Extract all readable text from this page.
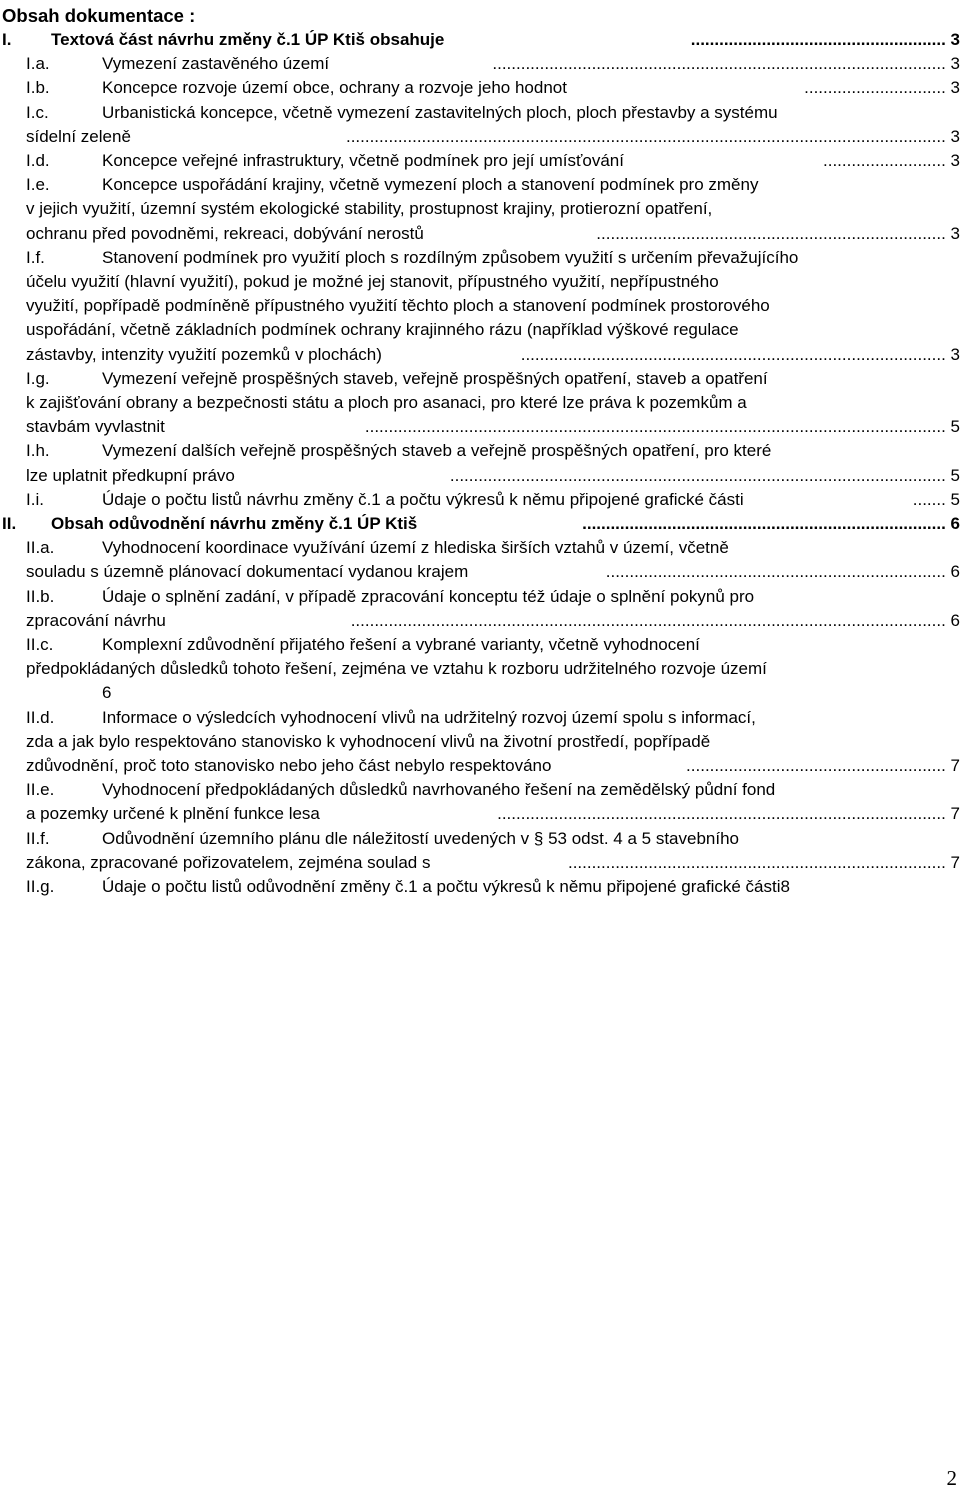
Obsah dokumentace :
I. Textová část návrhu změny č.1 ÚP Ktiš obsahuje	...................................................... 3
I.a.	Vymezení zastavěného území	................................................................................................ 3
I.b.	Koncepce rozvoje území obce, ochrany a rozvoje jeho hodnot	.............................. 3
I.c.	Urbanistická koncepce, včetně vymezení zastavitelných ploch, ploch přestavby a systému
sídelní zeleně	............................................................................................................................... 3
I.d.	Koncepce veřejné infrastruktury, včetně podmínek pro její umísťování	.......................... 3
I.e.	Koncepce uspořádání krajiny, včetně vymezení ploch a stanovení podmínek pro změny
v jejich využití, územní systém ekologické stability, prostupnost krajiny, protierozní opatření,
ochranu před povodněmi, rekreaci, dobývání nerostů	.......................................................................... 3
I.f.	Stanovení podmínek pro využití ploch s rozdílným způsobem využití s určením převažujícího
účelu využití (hlavní využití), pokud je možné jej stanovit, přípustného využití, nepřípustného
využití, popřípadě podmíněně přípustného využití těchto ploch a stanovení podmínek prostorového
uspořádání, včetně základních podmínek ochrany krajinného rázu (například výškové regulace
zástavby, intenzity využití pozemků v plochách)	.......................................................................................... 3
I.g.	Vymezení veřejně prospěšných staveb, veřejně prospěšných opatření, staveb a opatření
k zajišťování obrany a bezpečnosti státu a ploch pro asanaci, pro které lze práva k pozemkům a
stavbám vyvlastnit	........................................................................................................................... 5
I.h.	Vymezení dalších veřejně prospěšných staveb a veřejně prospěšných opatření, pro které
lze uplatnit předkupní právo	......................................................................................................... 5
I.i.	Údaje o počtu listů návrhu změny č.1 a počtu výkresů k němu připojené grafické části	....... 5
II. Obsah odůvodnění návrhu změny č.1 ÚP Ktiš	............................................................................. 6
II.a.	Vyhodnocení koordinace využívání území z hlediska širších vztahů v území, včetně
souladu s územně plánovací dokumentací vydanou krajem	........................................................................ 6
II.b.	Údaje o splnění zadání, v případě zpracování konceptu též údaje o splnění pokynů pro
zpracování návrhu	.............................................................................................................................. 6
II.c.	Komplexní zdůvodnění přijatého řešení a vybrané varianty, včetně vyhodnocení
předpokládaných důsledků tohoto řešení, zejména ve vztahu k rozboru udržitelného rozvoje území
6
II.d.	Informace o výsledcích vyhodnocení vlivů na udržitelný rozvoj území spolu s informací,
zda a jak bylo respektováno stanovisko k vyhodnocení vlivů na životní prostředí, popřípadě
zdůvodnění, proč toto stanovisko nebo jeho část nebylo respektováno	....................................................... 7
II.e.	Vyhodnocení předpokládaných důsledků navrhovaného řešení na zemědělský půdní fond
a pozemky určené k plnění funkce lesa	............................................................................................... 7
II.f.	Odůvodnění územního plánu dle náležitostí uvedených v § 53 odst. 4 a 5 stavebního
zákona, zpracované pořizovatelem, zejména soulad s	................................................................................ 7
II.g.	Údaje o počtu listů odůvodnění změny č.1 a počtu výkresů k němu připojené grafické části8
2
